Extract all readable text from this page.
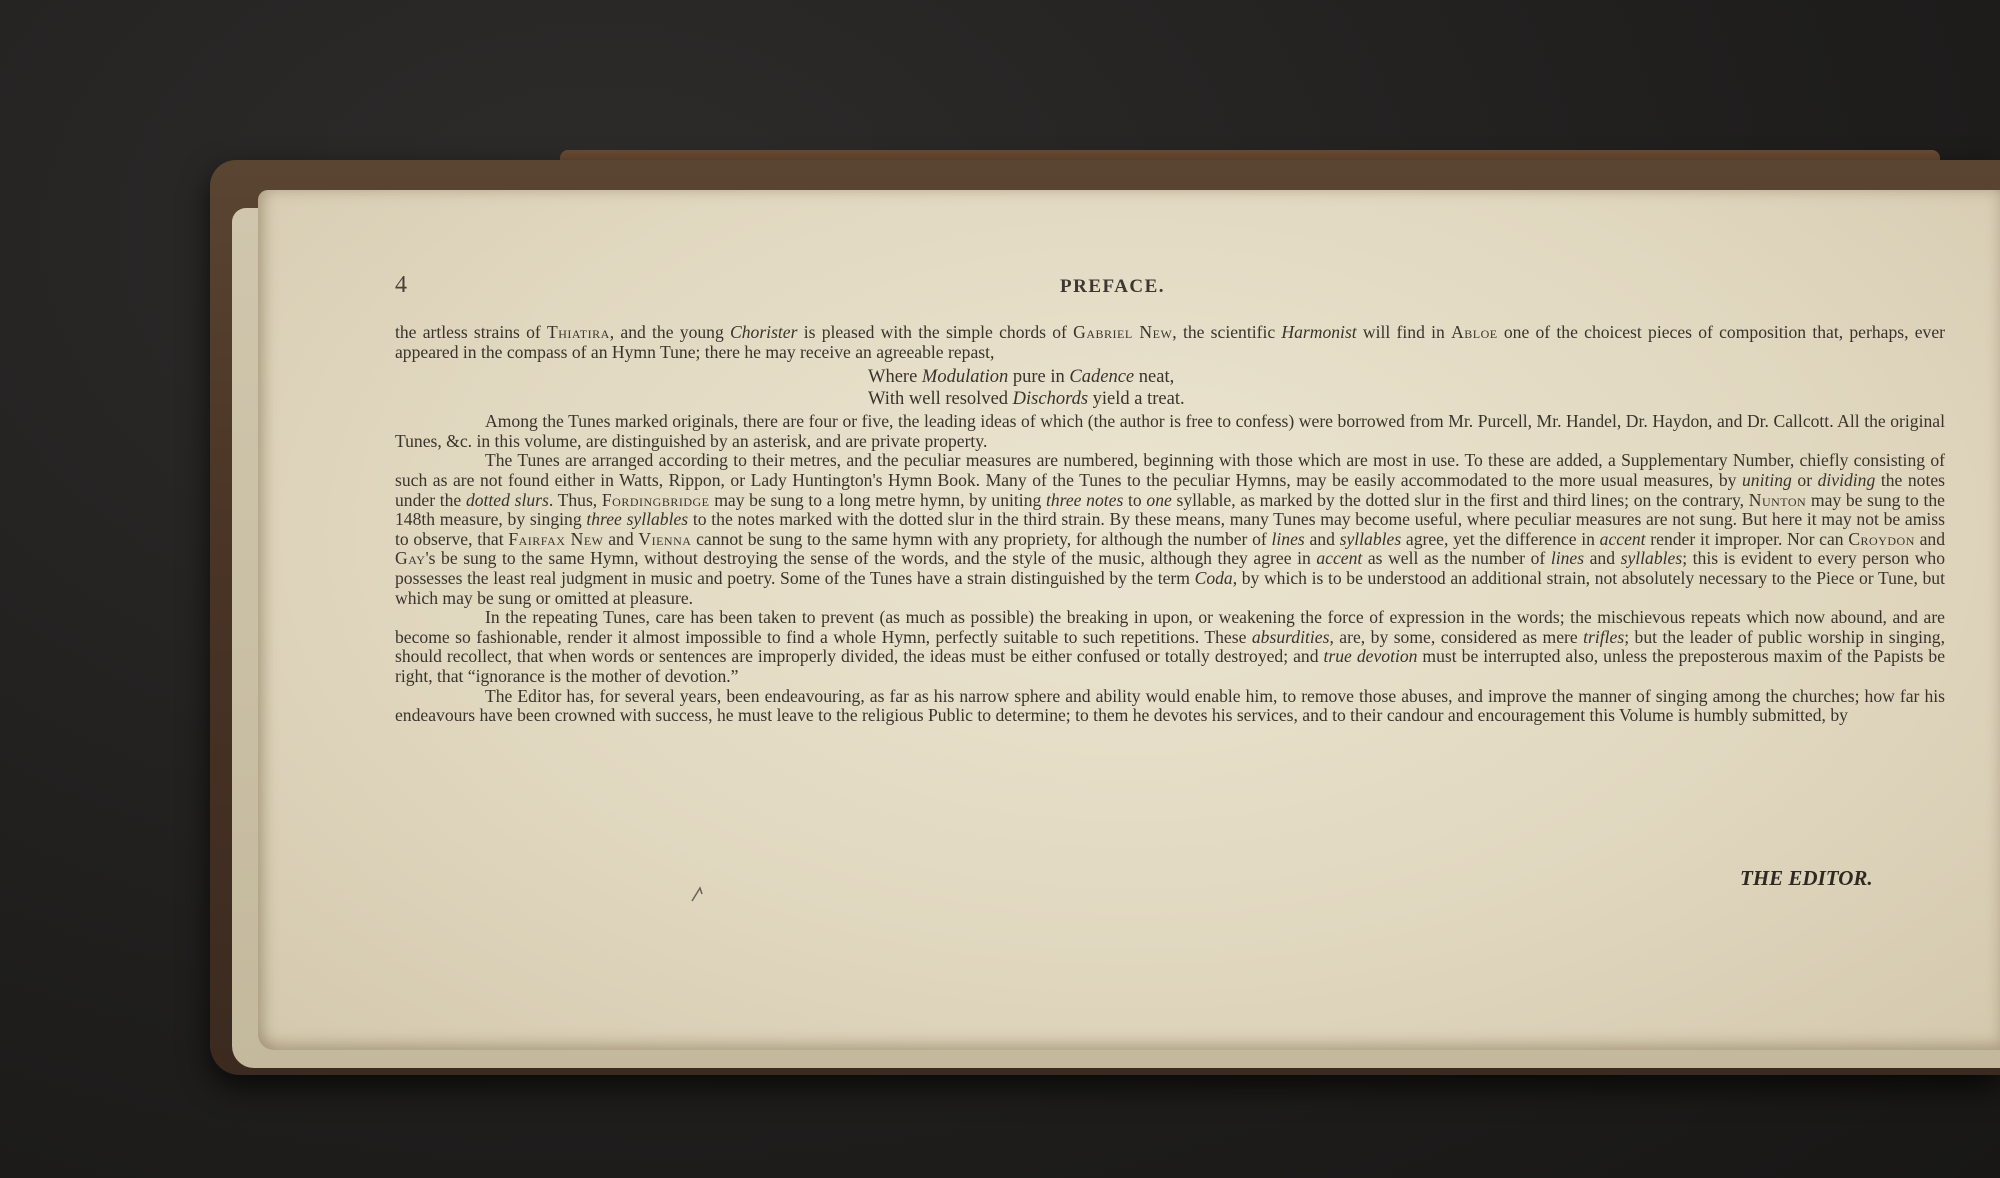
4	PREFACE.

the artless strains of Thiatira, and the young Chorister is pleased with the simple chords of Gabriel New, the scientific Harmonist will find in Abloe one of the choicest pieces of composition that, perhaps, ever appeared in the compass of an Hymn Tune; there he may receive an agreeable repast,

Where Modulation pure in Cadence neat,
With well resolved Dischords yield a treat.

Among the Tunes marked originals, there are four or five, the leading ideas of which (the author is free to confess) were borrowed from Mr. Purcell, Mr. Handel, Dr. Haydon, and Dr. Callcott. All the original Tunes, &c. in this volume, are distinguished by an asterisk, and are private property.

The Tunes are arranged according to their metres, and the peculiar measures are numbered, beginning with those which are most in use. To these are added, a Supplementary Number, chiefly consisting of such as are not found either in Watts, Rippon, or Lady Huntington's Hymn Book. Many of the Tunes to the peculiar Hymns, may be easily accommodated to the more usual measures, by uniting or dividing the notes under the dotted slurs. Thus, Fordingbridge may be sung to a long metre hymn, by uniting three notes to one syllable, as marked by the dotted slur in the first and third lines; on the contrary, Nunton may be sung to the 148th measure, by singing three syllables to the notes marked with the dotted slur in the third strain. By these means, many Tunes may become useful, where peculiar measures are not sung. But here it may not be amiss to observe, that Fairfax New and Vienna cannot be sung to the same hymn with any propriety, for although the number of lines and syllables agree, yet the difference in accent render it improper. Nor can Croydon and Gay's be sung to the same Hymn, without destroying the sense of the words, and the style of the music, although they agree in accent as well as the number of lines and syllables; this is evident to every person who possesses the least real judgment in music and poetry. Some of the Tunes have a strain distinguished by the term Coda, by which is to be understood an additional strain, not absolutely necessary to the Piece or Tune, but which may be sung or omitted at pleasure.

In the repeating Tunes, care has been taken to prevent (as much as possible) the breaking in upon, or weakening the force of expression in the words; the mischievous repeats which now abound, and are become so fashionable, render it almost impossible to find a whole Hymn, perfectly suitable to such repetitions. These absurdities, are, by some, considered as mere trifles; but the leader of public worship in singing, should recollect, that when words or sentences are improperly divided, the ideas must be either confused or totally destroyed; and true devotion must be interrupted also, unless the preposterous maxim of the Papists be right, that “ignorance is the mother of devotion.”

The Editor has, for several years, been endeavouring, as far as his narrow sphere and ability would enable him, to remove those abuses, and improve the manner of singing among the churches; how far his endeavours have been crowned with success, he must leave to the religious Public to determine; to them he devotes his services, and to their candour and encouragement this Volume is humbly submitted, by

THE EDITOR.
